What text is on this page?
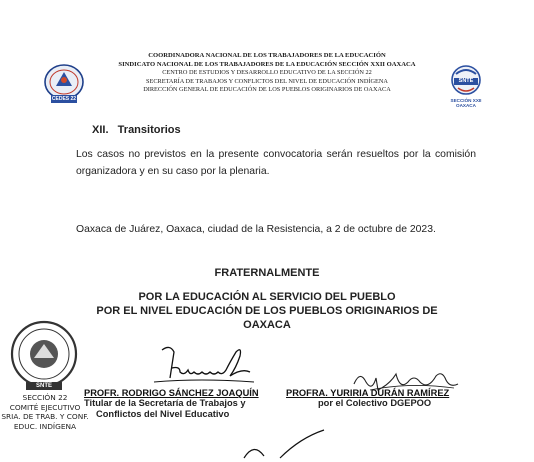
CEDES 22
COORDINADORA NACIONAL DE LOS TRABAJADORES DE LA EDUCACIÓN
SINDICATO NACIONAL DE LOS TRABAJADORES DE LA EDUCACIÓN SECCIÓN XXII OAXACA
CENTRO DE ESTUDIOS Y DESARROLLO EDUCATIVO DE LA SECCIÓN 22
SECRETARÍA DE TRABAJOS Y CONFLICTOS DEL NIVEL DE EDUCACIÓN INDÍGENA
DIRECCIÓN GENERAL DE EDUCACIÓN DE LOS PUEBLOS ORIGINARIOS DE OAXACA
SNTE
SECCIÓN XXII
OAXACA
XII.   Transitorios
Los casos no previstos en la presente convocatoria serán resueltos por la comisión organizadora y en su caso por la plenaria.
Oaxaca de Juárez, Oaxaca, ciudad de la Resistencia, a 2 de octubre de 2023.
FRATERNALMENTE
POR LA EDUCACIÓN AL SERVICIO DEL PUEBLO
POR EL NIVEL EDUCACIÓN DE LOS PUEBLOS ORIGINARIOS DE
OAXACA
SNTE
SECCIÓN 22
COMITÉ EJECUTIVO
SRIA. DE TRAB. Y CONF.
EDUC. INDÍGENA
PROFR. RODRIGO SÁNCHEZ JOAQUÍN
Titular de la Secretaría de Trabajos y
Conflictos del Nivel Educativo
PROFRA. YURIRIA DURÁN RAMÍREZ
por el Colectivo DGEPOO
